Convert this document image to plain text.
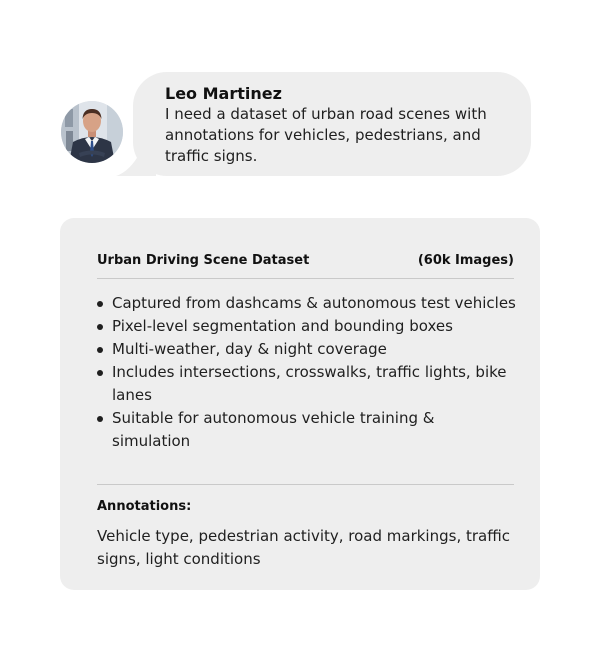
Leo Martinez
I need a dataset of urban road scenes with annotations for vehicles, pedestrians, and traffic signs.
Urban Driving Scene Dataset	(60k Images)
Captured from dashcams & autonomous test vehicles
Pixel-level segmentation and bounding boxes
Multi-weather, day & night coverage
Includes intersections, crosswalks, traffic lights, bike lanes
Suitable for autonomous vehicle training & simulation
Annotations:
Vehicle type, pedestrian activity, road markings, traffic signs, light conditions
